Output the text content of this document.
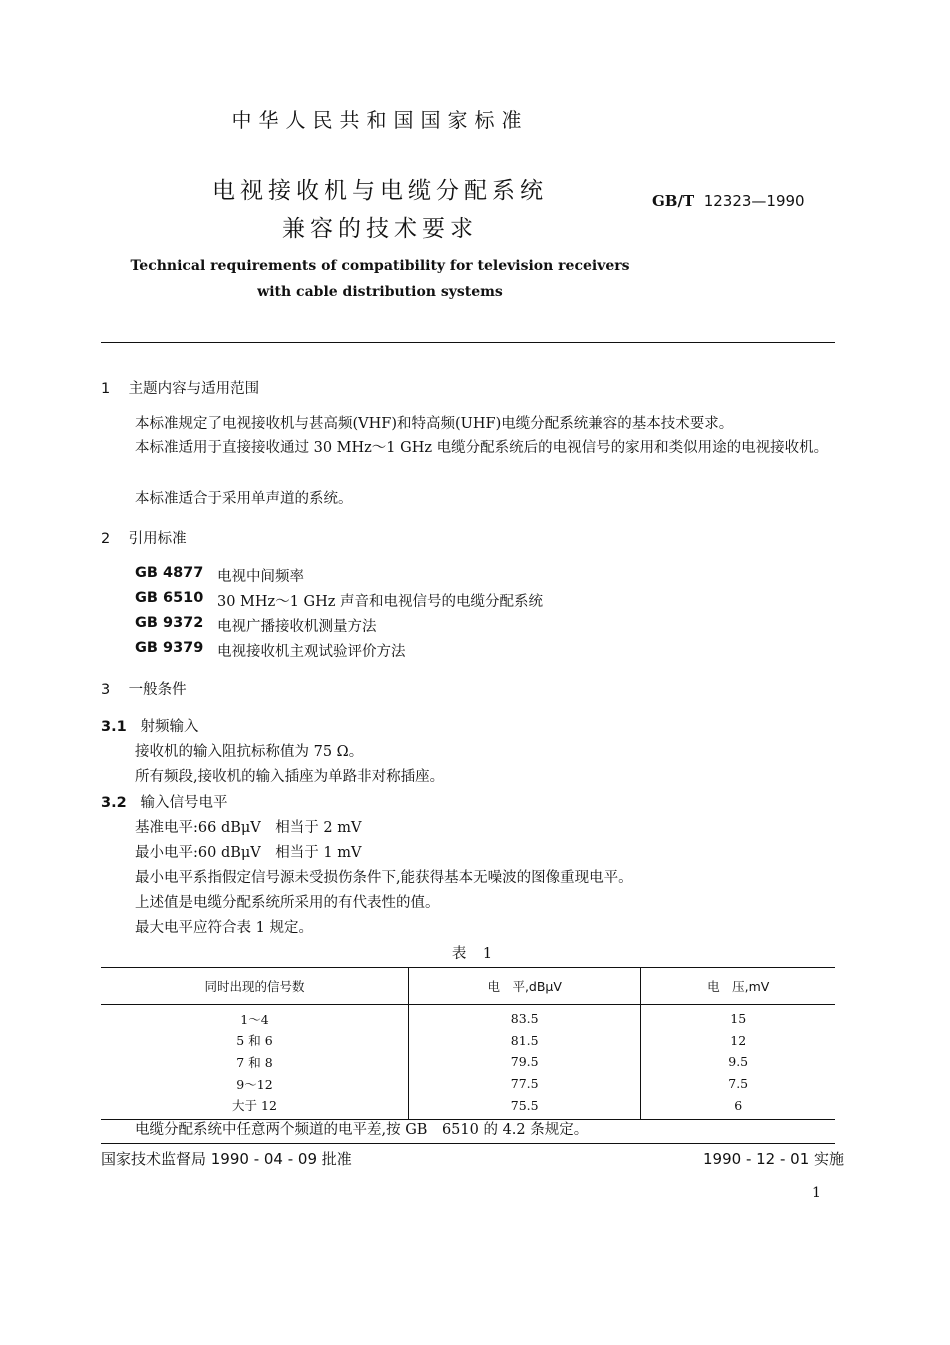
中华人民共和国国家标准
电视接收机与电缆分配系统
兼容的技术要求
GB/T 12323—1990
Technical requirements of compatibility for television receivers
with cable distribution systems
1 主题内容与适用范围
本标准规定了电视接收机与甚高频(VHF)和特高频(UHF)电缆分配系统兼容的基本技术要求。
本标准适用于直接接收通过 30 MHz～1 GHz 电缆分配系统后的电视信号的家用和类似用途的电视接收机。
本标准适合于采用单声道的系统。
2 引用标准
GB 4877 电视中间频率
GB 6510 30 MHz～1 GHz 声音和电视信号的电缆分配系统
GB 9372 电视广播接收机测量方法
GB 9379 电视接收机主观试验评价方法
3 一般条件
3.1 射频输入
接收机的输入阻抗标称值为 75 Ω。
所有频段,接收机的输入插座为单路非对称插座。
3.2 输入信号电平
基准电平:66 dBμV　相当于 2 mV
最小电平:60 dBμV　相当于 1 mV
最小电平系指假定信号源未受损伤条件下,能获得基本无噪波的图像重现电平。
上述值是电缆分配系统所采用的有代表性的值。
最大电平应符合表 1 规定。
表 1
同时出现的信号数	电　平,dBμV	电　压,mV
1～4	83.5	15
5 和 6	81.5	12
7 和 8	79.5	9.5
9～12	77.5	7.5
大于 12	75.5	6
电缆分配系统中任意两个频道的电平差,按 GB　6510 的 4.2 条规定。
国家技术监督局 1990 - 04 - 09 批准	1990 - 12 - 01 实施
1
